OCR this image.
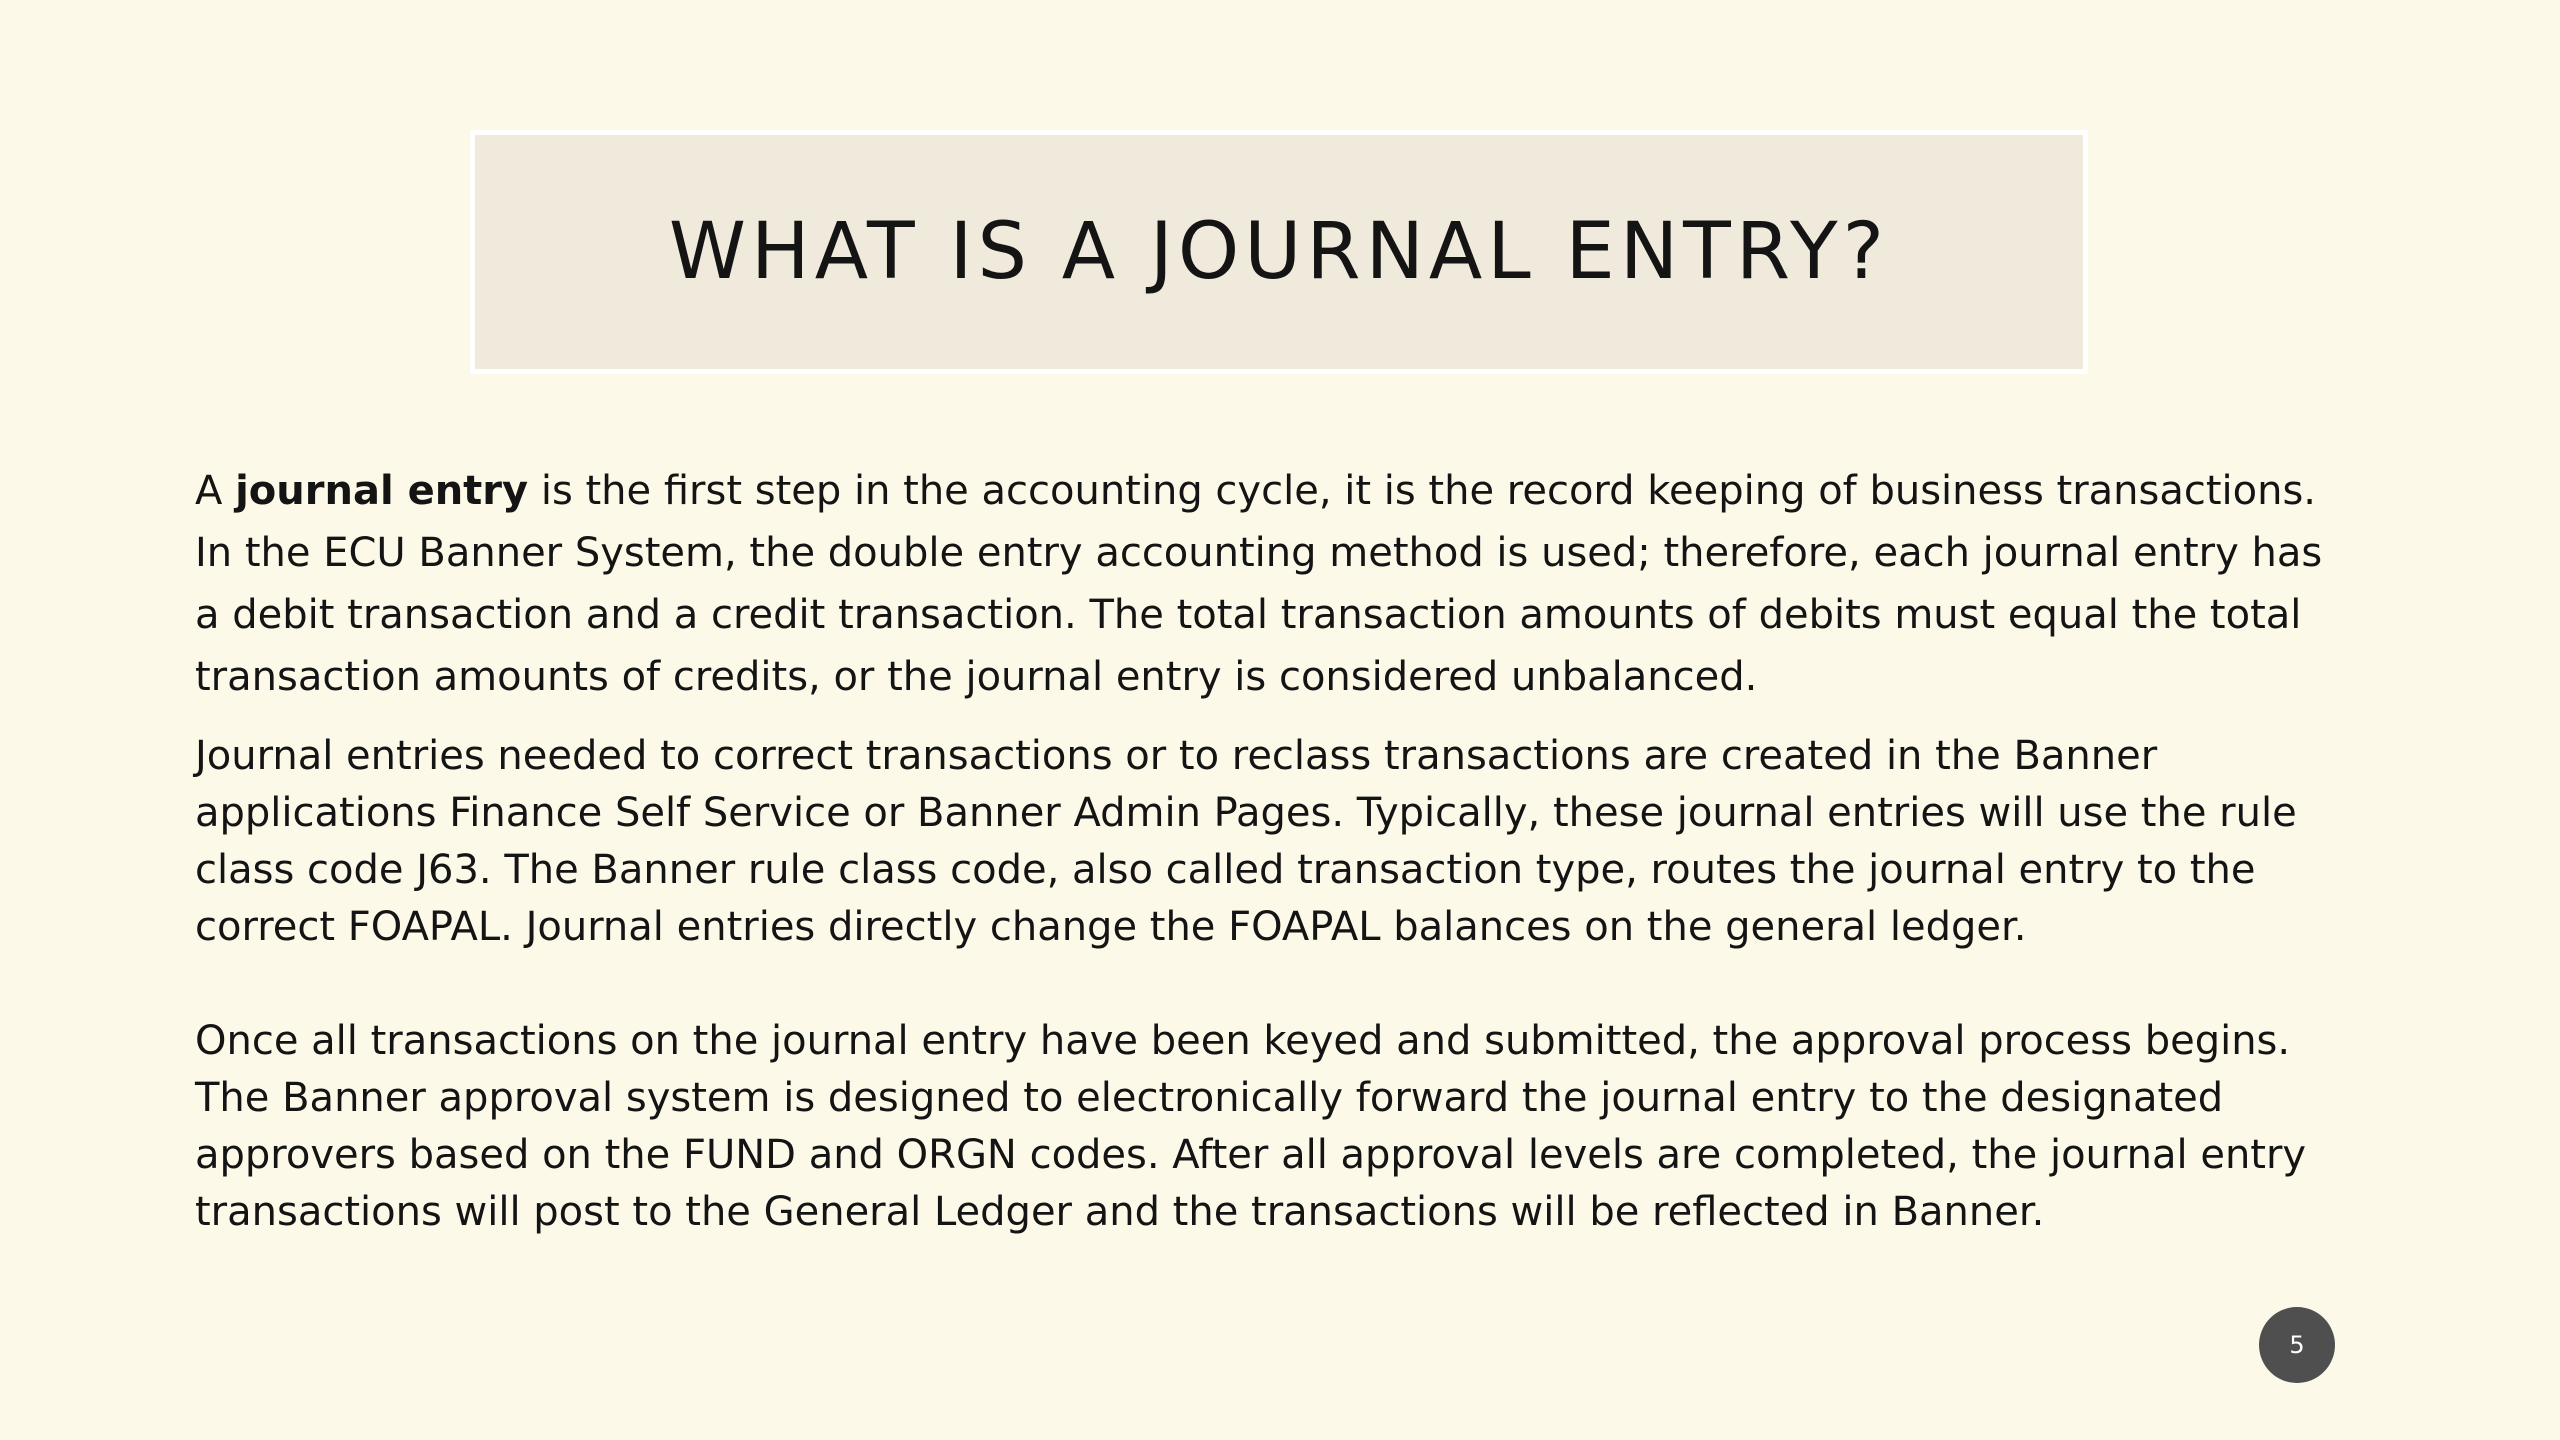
WHAT IS A JOURNAL ENTRY?

A journal entry is the first step in the accounting cycle, it is the record keeping of business transactions. In the ECU Banner System, the double entry accounting method is used; therefore, each journal entry has a debit transaction and a credit transaction. The total transaction amounts of debits must equal the total transaction amounts of credits, or the journal entry is considered unbalanced.

Journal entries needed to correct transactions or to reclass transactions are created in the Banner applications Finance Self Service or Banner Admin Pages. Typically, these journal entries will use the rule class code J63. The Banner rule class code, also called transaction type, routes the journal entry to the correct FOAPAL. Journal entries directly change the FOAPAL balances on the general ledger.

Once all transactions on the journal entry have been keyed and submitted, the approval process begins. The Banner approval system is designed to electronically forward the journal entry to the designated approvers based on the FUND and ORGN codes. After all approval levels are completed, the journal entry transactions will post to the General Ledger and the transactions will be reflected in Banner.

5
